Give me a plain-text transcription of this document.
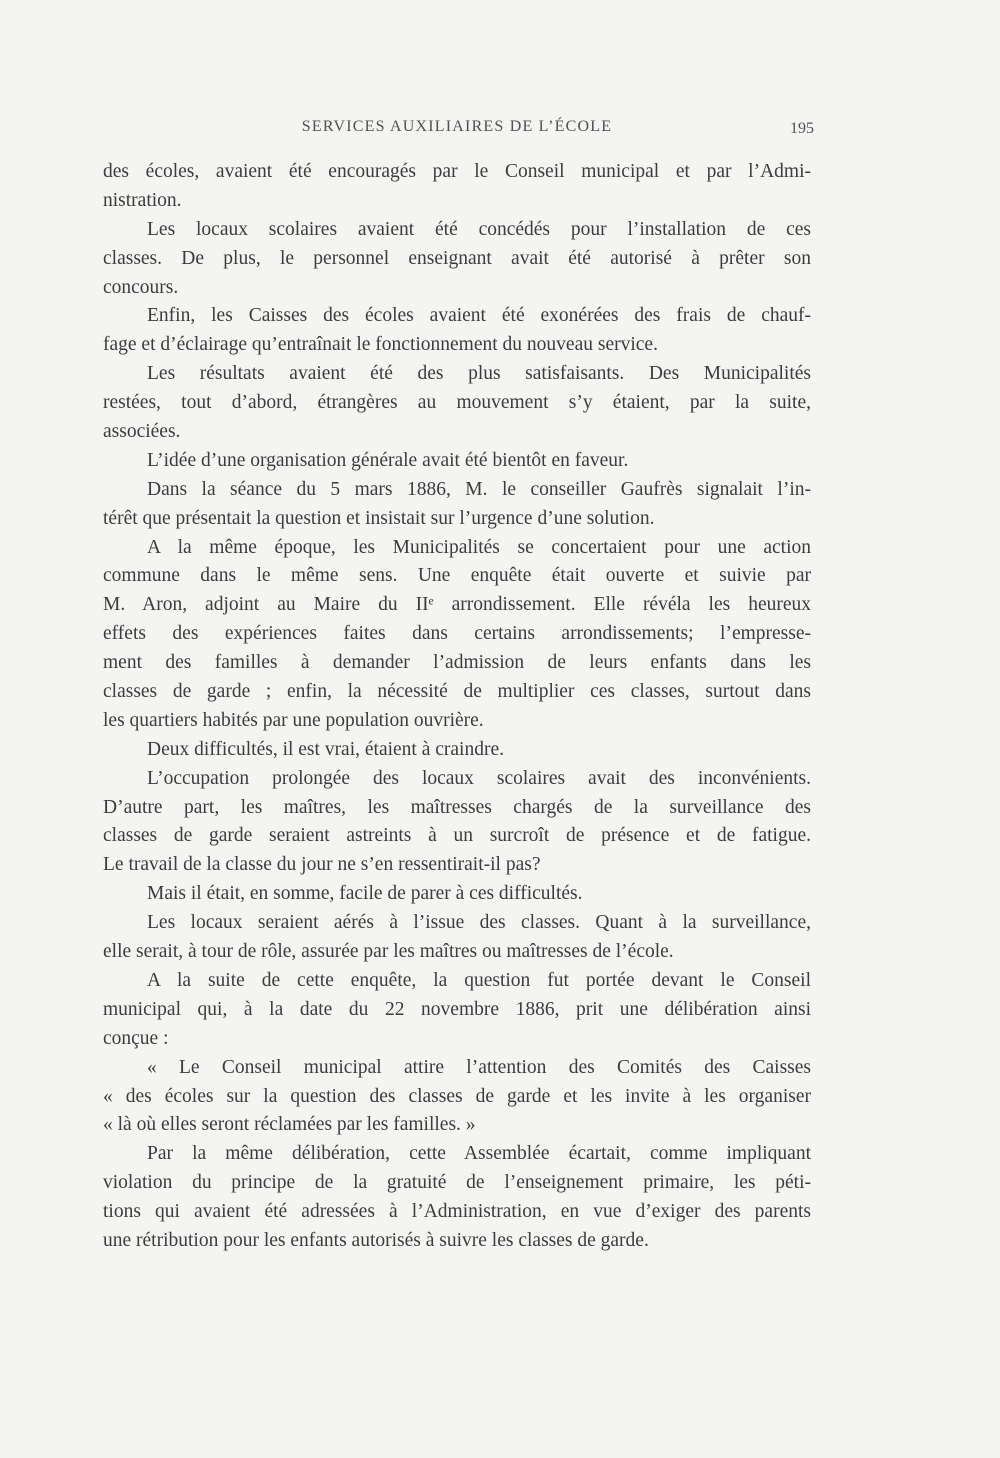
SERVICES AUXILIAIRES DE L’ÉCOLE	195
des écoles, avaient été encouragés par le Conseil municipal et par l’Admi-
nistration.
Les locaux scolaires avaient été concédés pour l’installation de ces
classes. De plus, le personnel enseignant avait été autorisé à prêter son
concours.
Enfin, les Caisses des écoles avaient été exonérées des frais de chauf-
fage et d’éclairage qu’entraînait le fonctionnement du nouveau service.
Les résultats avaient été des plus satisfaisants. Des Municipalités
restées, tout d’abord, étrangères au mouvement s’y étaient, par la suite,
associées.
L’idée d’une organisation générale avait été bientôt en faveur.
Dans la séance du 5 mars 1886, M. le conseiller Gaufrès signalait l’in-
térêt que présentait la question et insistait sur l’urgence d’une solution.
A la même époque, les Municipalités se concertaient pour une action
commune dans le même sens. Une enquête était ouverte et suivie par
M. Aron, adjoint au Maire du IIᵉ arrondissement. Elle révéla les heureux
effets des expériences faites dans certains arrondissements; l’empresse-
ment des familles à demander l’admission de leurs enfants dans les
classes de garde ; enfin, la nécessité de multiplier ces classes, surtout dans
les quartiers habités par une population ouvrière.
Deux difficultés, il est vrai, étaient à craindre.
L’occupation prolongée des locaux scolaires avait des inconvénients.
D’autre part, les maîtres, les maîtresses chargés de la surveillance des
classes de garde seraient astreints à un surcroît de présence et de fatigue.
Le travail de la classe du jour ne s’en ressentirait-il pas?
Mais il était, en somme, facile de parer à ces difficultés.
Les locaux seraient aérés à l’issue des classes. Quant à la surveillance,
elle serait, à tour de rôle, assurée par les maîtres ou maîtresses de l’école.
A la suite de cette enquête, la question fut portée devant le Conseil
municipal qui, à la date du 22 novembre 1886, prit une délibération ainsi
conçue :
« Le Conseil municipal attire l’attention des Comités des Caisses
« des écoles sur la question des classes de garde et les invite à les organiser
« là où elles seront réclamées par les familles. »
Par la même délibération, cette Assemblée écartait, comme impliquant
violation du principe de la gratuité de l’enseignement primaire, les péti-
tions qui avaient été adressées à l’Administration, en vue d’exiger des parents
une rétribution pour les enfants autorisés à suivre les classes de garde.
